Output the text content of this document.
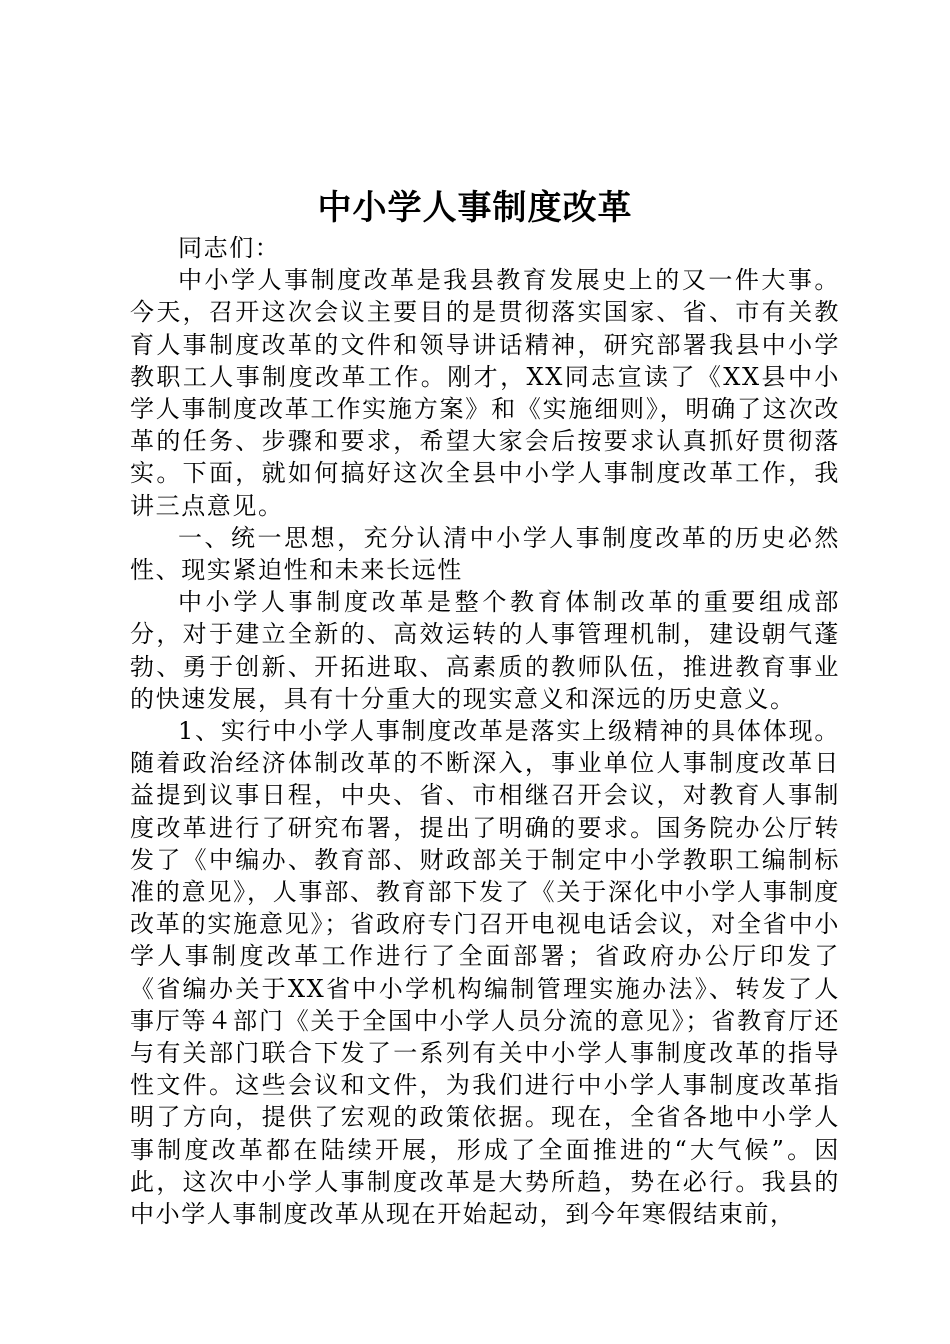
中小学人事制度改革

同志们：

中小学人事制度改革是我县教育发展史上的又一件大事。今天，召开这次会议主要目的是贯彻落实国家、省、市有关教育人事制度改革的文件和领导讲话精神，研究部署我县中小学教职工人事制度改革工作。刚才，XX同志宣读了《XX县中小学人事制度改革工作实施方案》和《实施细则》，明确了这次改革的任务、步骤和要求，希望大家会后按要求认真抓好贯彻落实。下面，就如何搞好这次全县中小学人事制度改革工作，我讲三点意见。

一、统一思想，充分认清中小学人事制度改革的历史必然性、现实紧迫性和未来长远性

中小学人事制度改革是整个教育体制改革的重要组成部分，对于建立全新的、高效运转的人事管理机制，建设朝气蓬勃、勇于创新、开拓进取、高素质的教师队伍，推进教育事业的快速发展，具有十分重大的现实意义和深远的历史意义。

1、实行中小学人事制度改革是落实上级精神的具体体现。随着政治经济体制改革的不断深入，事业单位人事制度改革日益提到议事日程，中央、省、市相继召开会议，对教育人事制度改革进行了研究布署，提出了明确的要求。国务院办公厅转发了《中编办、教育部、财政部关于制定中小学教职工编制标准的意见》，人事部、教育部下发了《关于深化中小学人事制度改革的实施意见》；省政府专门召开电视电话会议，对全省中小学人事制度改革工作进行了全面部署；省政府办公厅印发了《省编办关于XX省中小学机构编制管理实施办法》、转发了人事厅等４部门《关于全国中小学人员分流的意见》；省教育厅还与有关部门联合下发了一系列有关中小学人事制度改革的指导性文件。这些会议和文件，为我们进行中小学人事制度改革指明了方向，提供了宏观的政策依据。现在，全省各地中小学人事制度改革都在陆续开展，形成了全面推进的“大气候”。因此，这次中小学人事制度改革是大势所趋，势在必行。我县的中小学人事制度改革从现在开始起动，到今年寒假结束前，
